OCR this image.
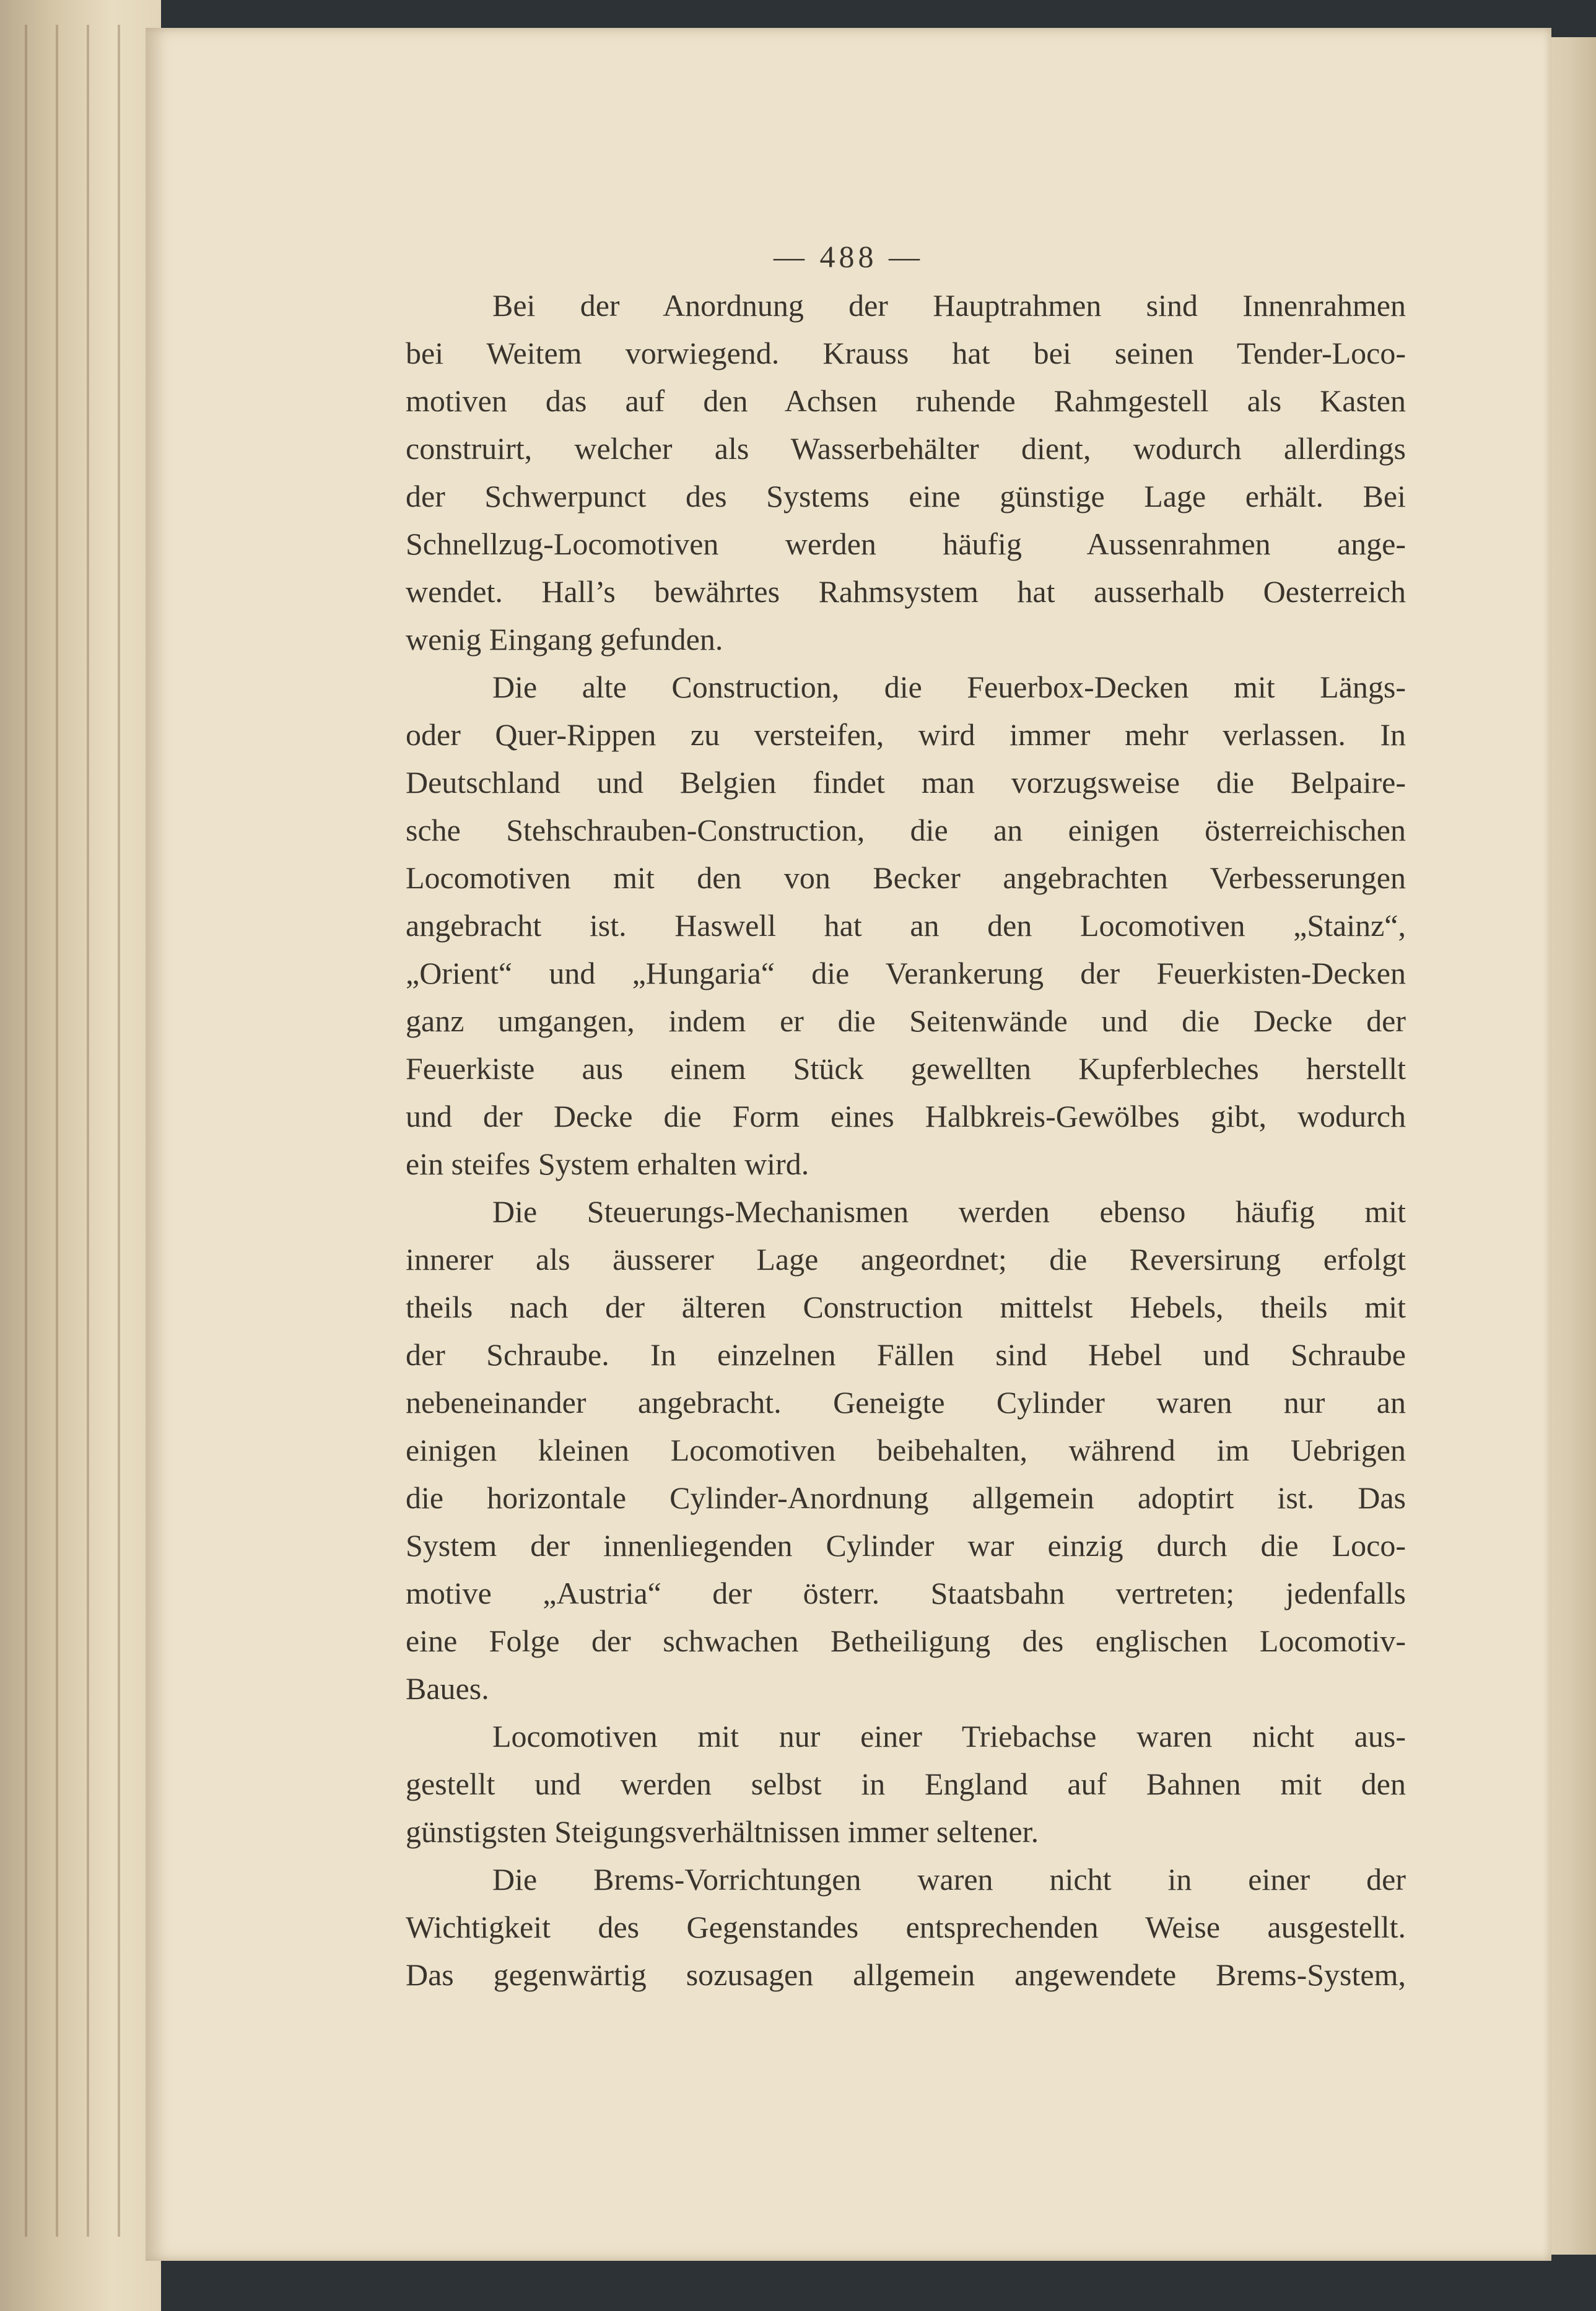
— 488 —

Bei der Anordnung der Hauptrahmen sind Innenrahmen
bei Weitem vorwiegend. Krauss hat bei seinen Tender-Loco-
motiven das auf den Achsen ruhende Rahmgestell als Kasten
construirt, welcher als Wasserbehälter dient, wodurch allerdings
der Schwerpunct des Systems eine günstige Lage erhält. Bei
Schnellzug-Locomotiven werden häufig Aussenrahmen ange-
wendet. Hall’s bewährtes Rahmsystem hat ausserhalb Oesterreich
wenig Eingang gefunden.

Die alte Construction, die Feuerbox-Decken mit Längs-
oder Quer-Rippen zu versteifen, wird immer mehr verlassen. In
Deutschland und Belgien findet man vorzugsweise die Belpaire-
sche Stehschrauben-Construction, die an einigen österreichischen
Locomotiven mit den von Becker angebrachten Verbesserungen
angebracht ist. Haswell hat an den Locomotiven „Stainz“,
„Orient“ und „Hungaria“ die Verankerung der Feuerkisten-Decken
ganz umgangen, indem er die Seitenwände und die Decke der
Feuerkiste aus einem Stück gewellten Kupferbleches herstellt
und der Decke die Form eines Halbkreis-Gewölbes gibt, wodurch
ein steifes System erhalten wird.

Die Steuerungs-Mechanismen werden ebenso häufig mit
innerer als äusserer Lage angeordnet; die Reversirung erfolgt
theils nach der älteren Construction mittelst Hebels, theils mit
der Schraube. In einzelnen Fällen sind Hebel und Schraube
nebeneinander angebracht. Geneigte Cylinder waren nur an
einigen kleinen Locomotiven beibehalten, während im Uebrigen
die horizontale Cylinder-Anordnung allgemein adoptirt ist. Das
System der innenliegenden Cylinder war einzig durch die Loco-
motive „Austria“ der österr. Staatsbahn vertreten; jedenfalls
eine Folge der schwachen Betheiligung des englischen Locomotiv-
Baues.

Locomotiven mit nur einer Triebachse waren nicht aus-
gestellt und werden selbst in England auf Bahnen mit den
günstigsten Steigungsverhältnissen immer seltener.

Die Brems-Vorrichtungen waren nicht in einer der
Wichtigkeit des Gegenstandes entsprechenden Weise ausgestellt.
Das gegenwärtig sozusagen allgemein angewendete Brems-System,
